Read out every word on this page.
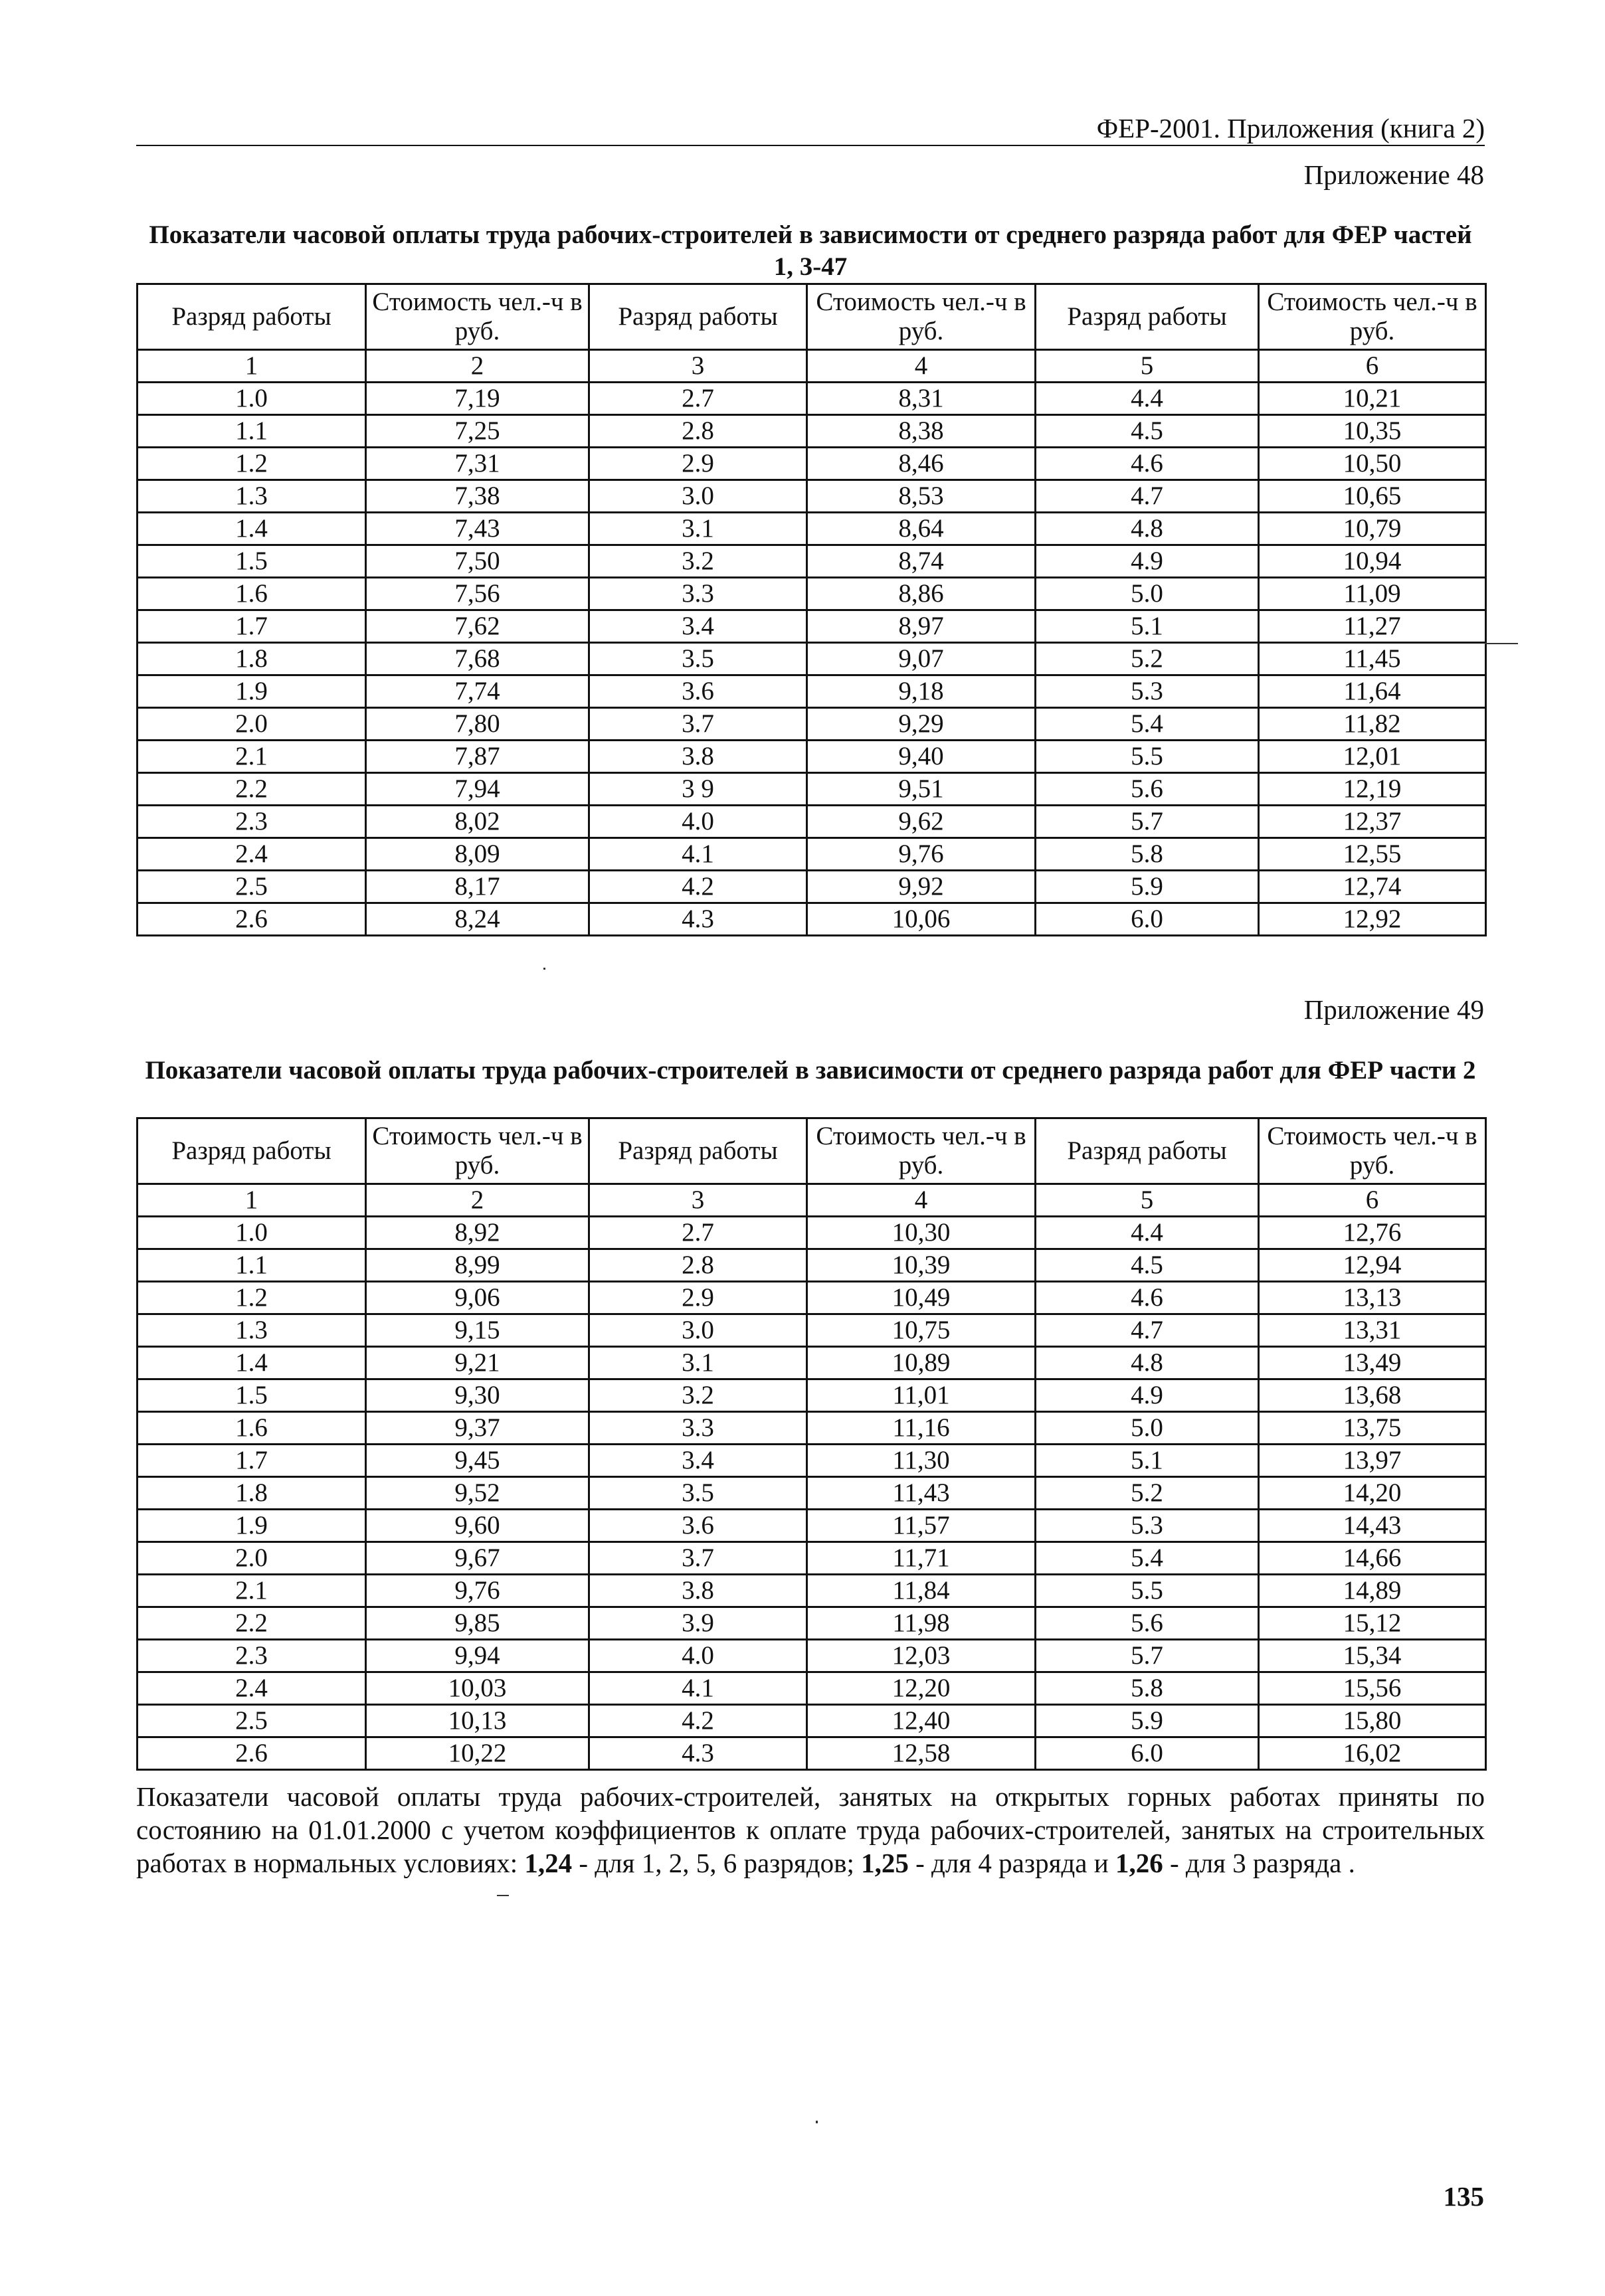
ФЕР-2001. Приложения (книга 2)
Приложение 48
Показатели часовой оплаты труда рабочих-строителей в зависимости от среднего разряда работ для ФЕР частей 1, 3-47
Разряд работы	Стоимость чел.-ч в руб.	Разряд работы	Стоимость чел.-ч в руб.	Разряд работы	Стоимость чел.-ч в руб.
1	2	3	4	5	6
1.0	7,19	2.7	8,31	4.4	10,21
1.1	7,25	2.8	8,38	4.5	10,35
1.2	7,31	2.9	8,46	4.6	10,50
1.3	7,38	3.0	8,53	4.7	10,65
1.4	7,43	3.1	8,64	4.8	10,79
1.5	7,50	3.2	8,74	4.9	10,94
1.6	7,56	3.3	8,86	5.0	11,09
1.7	7,62	3.4	8,97	5.1	11,27
1.8	7,68	3.5	9,07	5.2	11,45
1.9	7,74	3.6	9,18	5.3	11,64
2.0	7,80	3.7	9,29	5.4	11,82
2.1	7,87	3.8	9,40	5.5	12,01
2.2	7,94	3 9	9,51	5.6	12,19
2.3	8,02	4.0	9,62	5.7	12,37
2.4	8,09	4.1	9,76	5.8	12,55
2.5	8,17	4.2	9,92	5.9	12,74
2.6	8,24	4.3	10,06	6.0	12,92
Приложение 49
Показатели часовой оплаты труда рабочих-строителей в зависимости от среднего разряда работ для ФЕР части 2
Разряд работы	Стоимость чел.-ч в руб.	Разряд работы	Стоимость чел.-ч в руб.	Разряд работы	Стоимость чел.-ч в руб.
1	2	3	4	5	6
1.0	8,92	2.7	10,30	4.4	12,76
1.1	8,99	2.8	10,39	4.5	12,94
1.2	9,06	2.9	10,49	4.6	13,13
1.3	9,15	3.0	10,75	4.7	13,31
1.4	9,21	3.1	10,89	4.8	13,49
1.5	9,30	3.2	11,01	4.9	13,68
1.6	9,37	3.3	11,16	5.0	13,75
1.7	9,45	3.4	11,30	5.1	13,97
1.8	9,52	3.5	11,43	5.2	14,20
1.9	9,60	3.6	11,57	5.3	14,43
2.0	9,67	3.7	11,71	5.4	14,66
2.1	9,76	3.8	11,84	5.5	14,89
2.2	9,85	3.9	11,98	5.6	15,12
2.3	9,94	4.0	12,03	5.7	15,34
2.4	10,03	4.1	12,20	5.8	15,56
2.5	10,13	4.2	12,40	5.9	15,80
2.6	10,22	4.3	12,58	6.0	16,02
Показатели часовой оплаты труда рабочих-строителей, занятых на открытых горных работах приняты по состоянию на 01.01.2000 с учетом коэффициентов к оплате труда рабочих-строителей, занятых на строительных работах в нормальных условиях: 1,24 - для 1, 2, 5, 6 разрядов; 1,25 - для 4 разряда и 1,26 - для 3 разряда .
135
